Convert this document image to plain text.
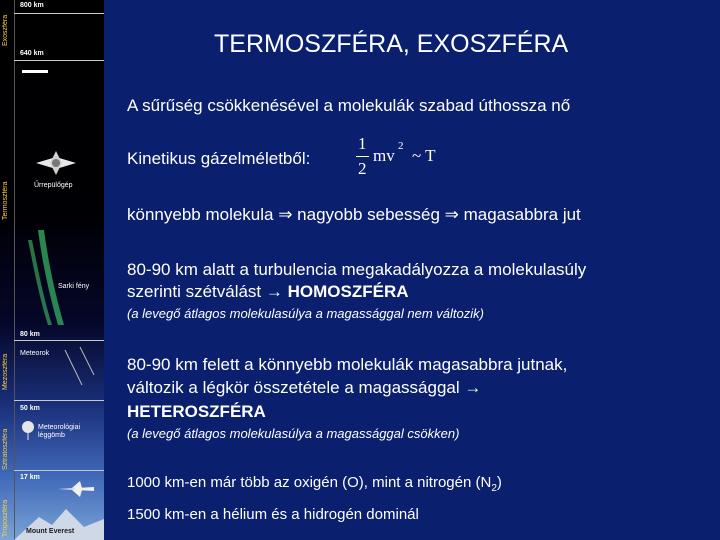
Exoszféra
Termoszféra
Mezoszféra
Sztratoszféra
Troposzféra
800 km
640 km
Űrrepülőgép
Sarki fény
80 km
Meteorok
50 km
Meteorológiai léggömb
17 km
Mount Everest
TERMOSZFÉRA, EXOSZFÉRA
A sűrűség csökkenésével a molekulák szabad úthossza nő
Kinetikus gázelméletből:
1
2
mv 2 ~ T
könnyebb molekula ⇒ nagyobb sebesség ⇒ magasabbra jut
80-90 km alatt a turbulencia megakadályozza a molekulasúly
szerinti szétválást → HOMOSZFÉRA
(a levegő átlagos molekulasúlya a magassággal nem változik)
80-90 km felett a könnyebb molekulák magasabbra jutnak,
változik a légkör összetétele a magassággal →
HETEROSZFÉRA
(a levegő átlagos molekulasúlya a magassággal csökken)
1000 km-en már több az oxigén (O), mint a nitrogén $(N_2)$
1500 km-en a hélium és a hidrogén dominál
